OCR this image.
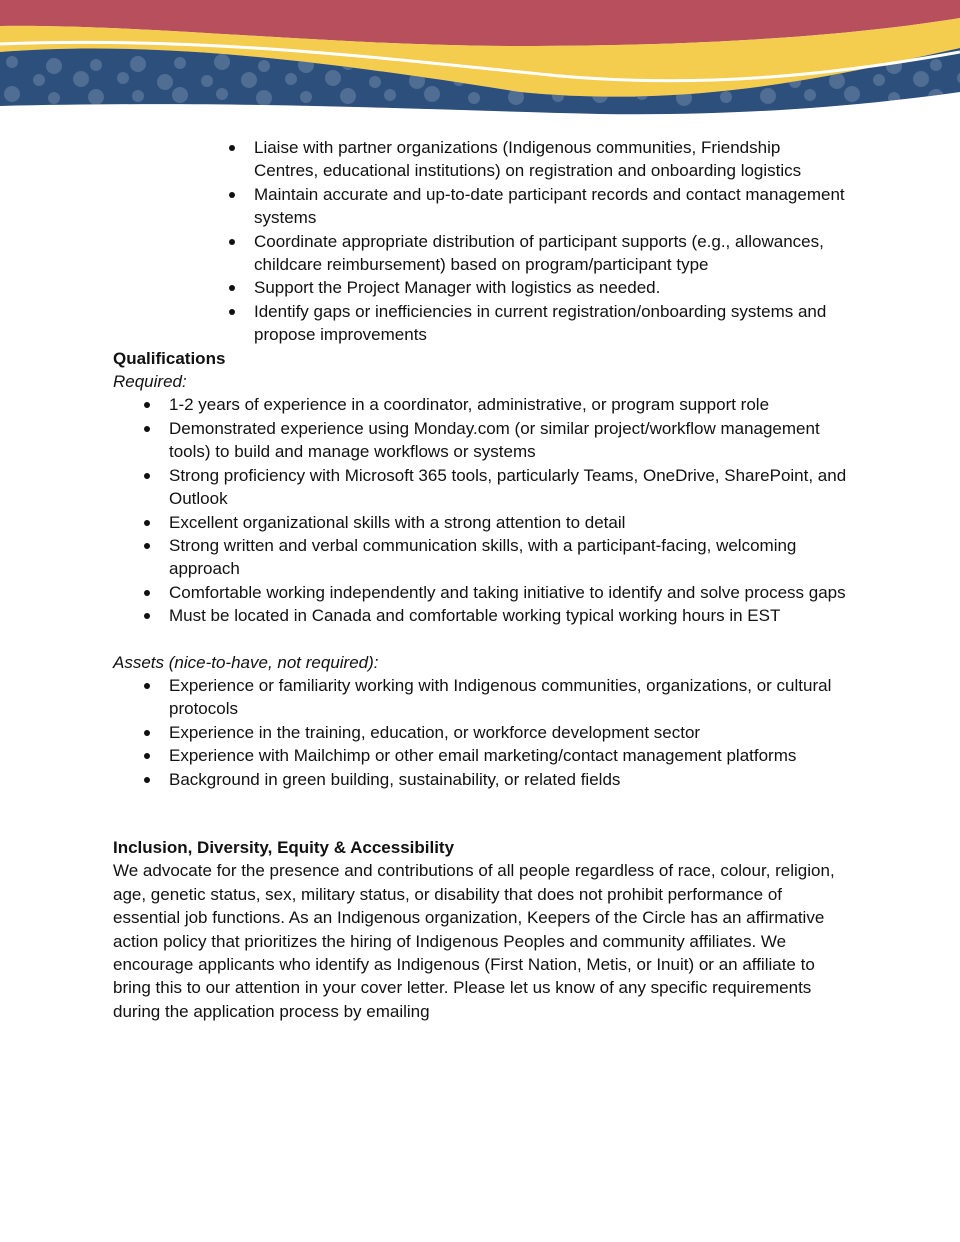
Liaise with partner organizations (Indigenous communities, Friendship Centres, educational institutions) on registration and onboarding logistics
Maintain accurate and up-to-date participant records and contact management systems
Coordinate appropriate distribution of participant supports (e.g., allowances, childcare reimbursement) based on program/participant type
Support the Project Manager with logistics as needed.
Identify gaps or inefficiencies in current registration/onboarding systems and propose improvements

Qualifications

Required:

1-2 years of experience in a coordinator, administrative, or program support role
Demonstrated experience using Monday.com (or similar project/workflow management tools) to build and manage workflows or systems
Strong proficiency with Microsoft 365 tools, particularly Teams, OneDrive, SharePoint, and Outlook
Excellent organizational skills with a strong attention to detail
Strong written and verbal communication skills, with a participant-facing, welcoming approach
Comfortable working independently and taking initiative to identify and solve process gaps
Must be located in Canada and comfortable working typical working hours in EST

Assets (nice-to-have, not required):

Experience or familiarity working with Indigenous communities, organizations, or cultural protocols
Experience in the training, education, or workforce development sector
Experience with Mailchimp or other email marketing/contact management platforms
Background in green building, sustainability, or related fields

Inclusion, Diversity, Equity & Accessibility

We advocate for the presence and contributions of all people regardless of race, colour, religion, age, genetic status, sex, military status, or disability that does not prohibit performance of essential job functions. As an Indigenous organization, Keepers of the Circle has an affirmative action policy that prioritizes the hiring of Indigenous Peoples and community affiliates. We encourage applicants who identify as Indigenous (First Nation, Metis, or Inuit) or an affiliate to bring this to our attention in your cover letter. Please let us know of any specific requirements during the application process by emailing
